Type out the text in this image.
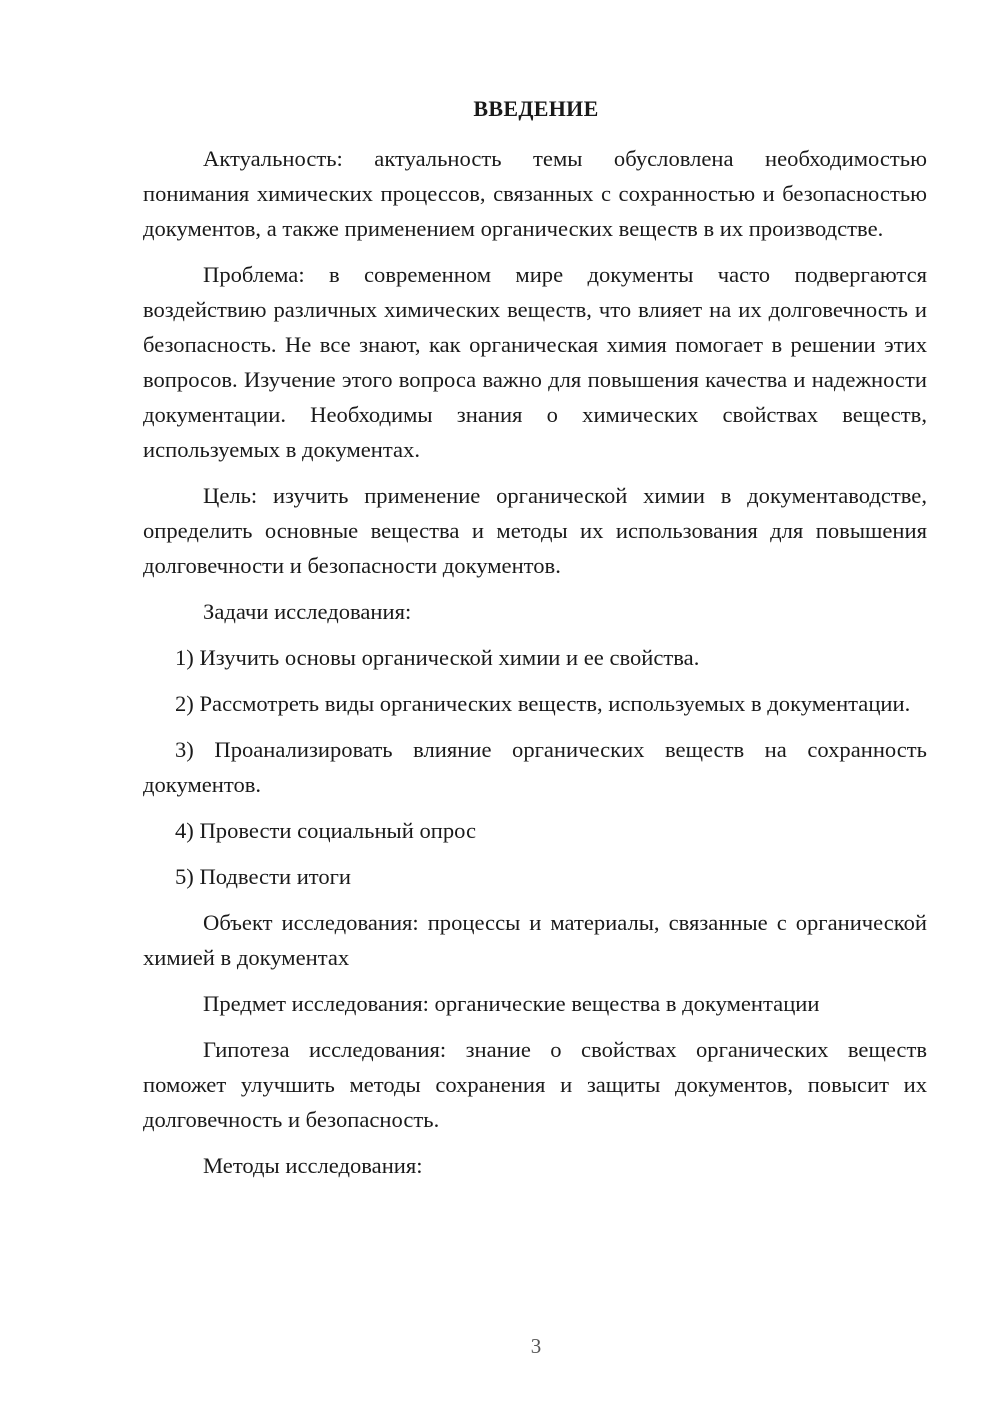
ВВЕДЕНИЕ

Актуальность: актуальность темы обусловлена необходимостью понимания химических процессов, связанных с сохранностью и безопасностью документов, а также применением органических веществ в их производстве.

Проблема: в современном мире документы часто подвергаются воздействию различных химических веществ, что влияет на их долговечность и безопасность. Не все знают, как органическая химия помогает в решении этих вопросов. Изучение этого вопроса важно для повышения качества и надежности документации. Необходимы знания о химических свойствах веществ, используемых в документах.

Цель: изучить применение органической химии в документаводстве, определить основные вещества и методы их использования для повышения долговечности и безопасности документов.

Задачи исследования:

1) Изучить основы органической химии и ее свойства.

2) Рассмотреть виды органических веществ, используемых в документации.

3) Проанализировать влияние органических веществ на сохранность документов.

4) Провести социальный опрос

5) Подвести итоги

Объект исследования: процессы и материалы, связанные с органической химией в документах

Предмет исследования: органические вещества в документации

Гипотеза исследования: знание о свойствах органических веществ поможет улучшить методы сохранения и защиты документов, повысит их долговечность и безопасность.

Методы исследования:

3
